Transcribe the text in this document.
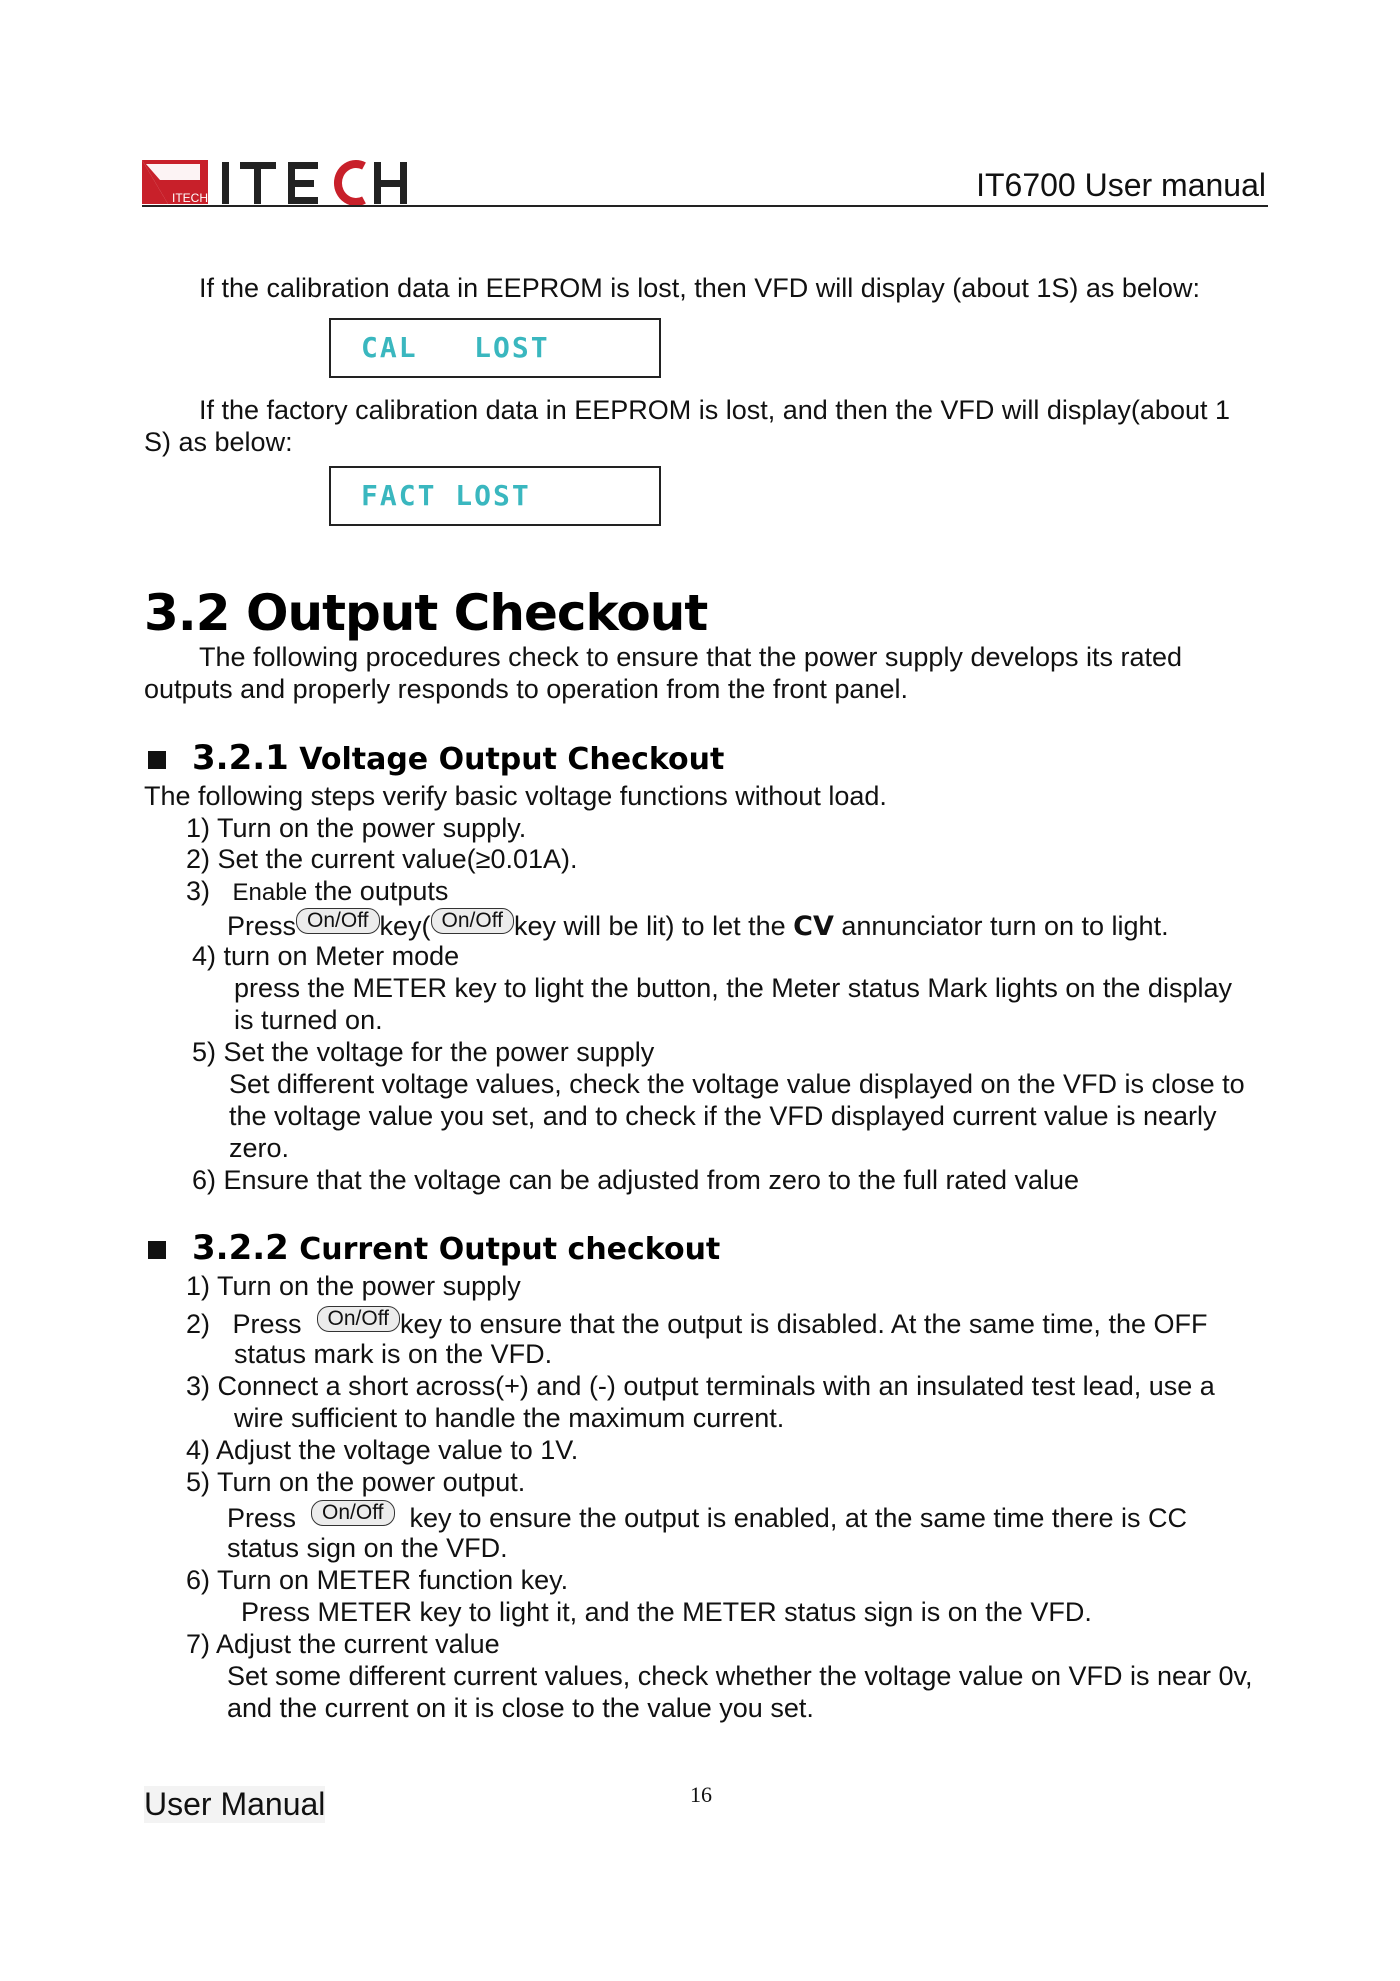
ITECH	IT6700 User manual
If the calibration data in EEPROM is lost, then VFD will display (about 1S) as below:
CAL   LOST
If the factory calibration data in EEPROM is lost, and then the VFD will display(about 1
S) as below:
FACT LOST
3.2 Output Checkout
The following procedures check to ensure that the power supply develops its rated
outputs and properly responds to operation from the front panel.
3.2.1 Voltage Output Checkout
The following steps verify basic voltage functions without load.
1) Turn on the power supply.
2) Set the current value(≥0.01A).
3) Enable the outputs
Press On/Off key( On/Off key will be lit) to let the CV annunciator turn on to light.
4) turn on Meter mode
press the METER key to light the button, the Meter status Mark lights on the display
is turned on.
5) Set the voltage for the power supply
Set different voltage values, check the voltage value displayed on the VFD is close to
the voltage value you set, and to check if the VFD displayed current value is nearly
zero.
6) Ensure that the voltage can be adjusted from zero to the full rated value
3.2.2 Current Output checkout
1) Turn on the power supply
2)   Press  On/Off key to ensure that the output is disabled. At the same time, the OFF
status mark is on the VFD.
3) Connect a short across(+) and (-) output terminals with an insulated test lead, use a
wire sufficient to handle the maximum current.
4) Adjust the voltage value to 1V.
5) Turn on the power output.
Press  On/Off  key to ensure the output is enabled, at the same time there is CC
status sign on the VFD.
6) Turn on METER function key.
Press METER key to light it, and the METER status sign is on the VFD.
7) Adjust the current value
Set some different current values, check whether the voltage value on VFD is near 0v,
and the current on it is close to the value you set.
User Manual	16
